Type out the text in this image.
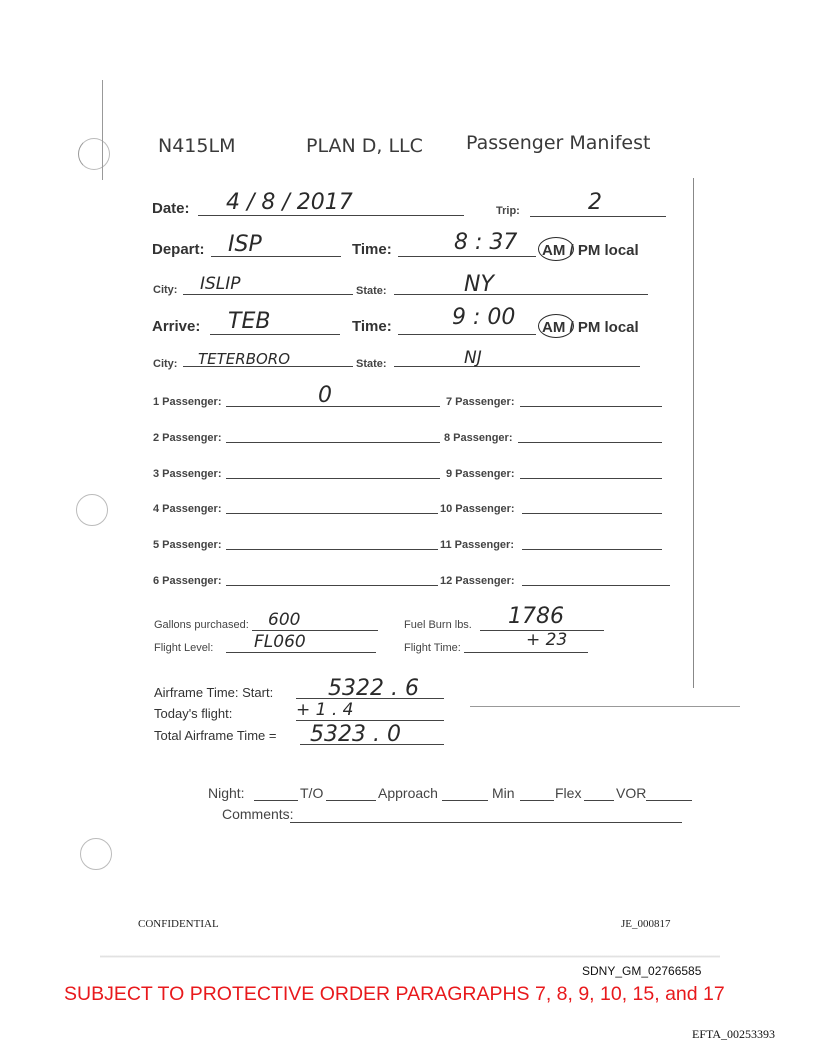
N415LM	PLAN D, LLC Passenger Manifest
Date: 4 / 8 / 2017	Trip:	2
Depart: ISP	Time:	8 : 37 AM / PM local
City: ISLIP	State:	NY
Arrive: TEB	Time:	9 : 00 AM / PM local
City: TETERBORO	State:	NJ
1 Passenger:	0
2 Passenger:
3 Passenger:
4 Passenger:
5 Passenger:
6 Passenger:
7 Passenger:
8 Passenger:
9 Passenger:
10 Passenger:
11 Passenger:
12 Passenger:
Gallons purchased: 600	Fuel Burn lbs. 1786
Flight Level: FL060	Flight Time:	+ 23
Airframe Time: Start: 5322 . 6
Today's flight:	+ 1 . 4
Total Airframe Time = 5323 . 0
Night:	T/O	Approach	Min	Flex VOR
Comments:
CONFIDENTIAL	JE_000817
SDNY_GM_02766585
SUBJECT TO PROTECTIVE ORDER PARAGRAPHS 7, 8, 9, 10, 15, and 17
EFTA_00253393
